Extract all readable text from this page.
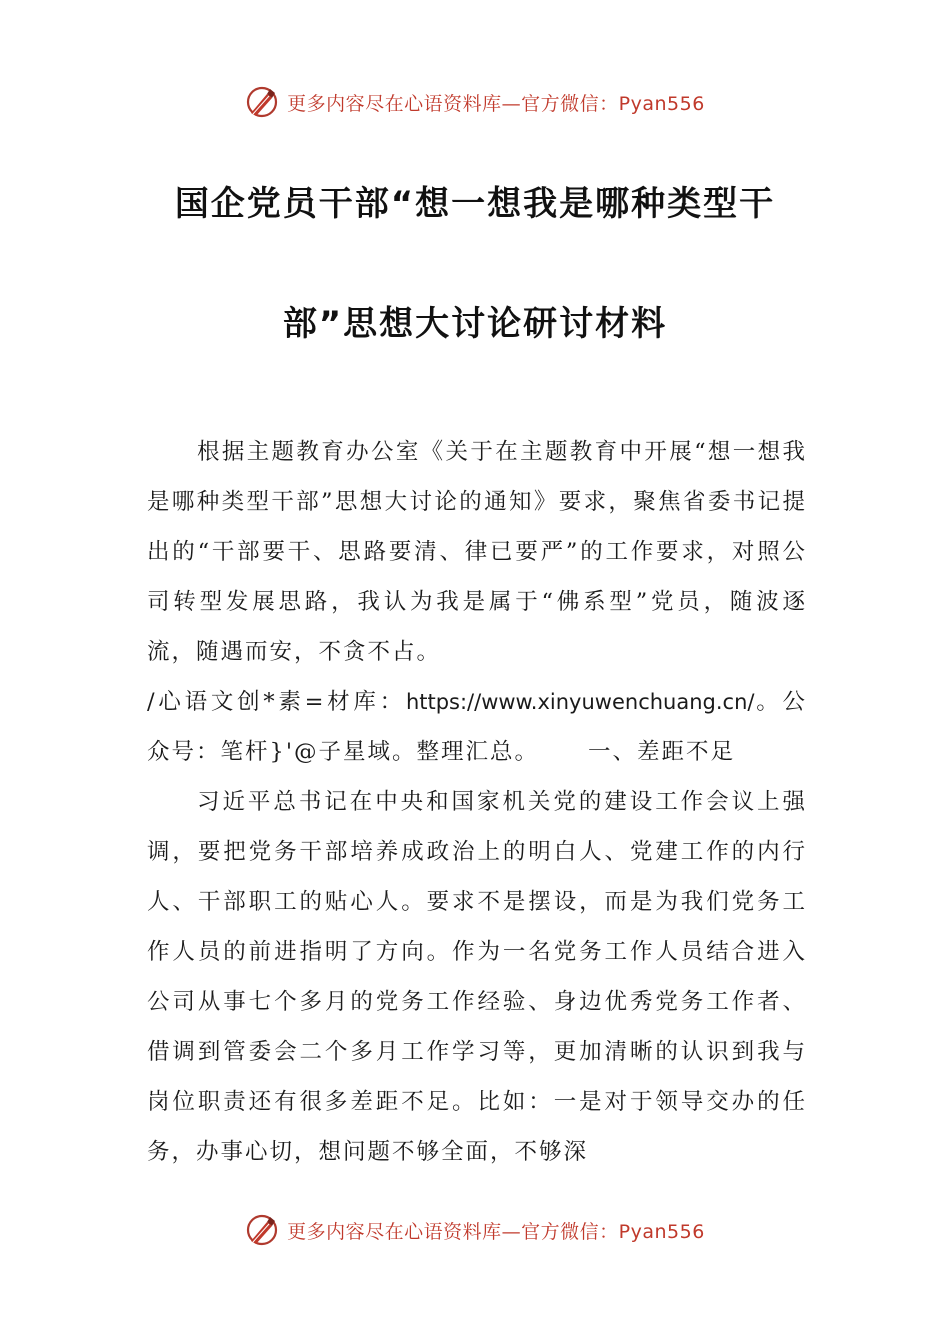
更多内容尽在心语资料库—官方微信：Pyan556
国企党员干部“想一想我是哪种类型干
部”思想大讨论研讨材料

根据主题教育办公室《关于在主题教育中开展“想一想我是哪种类型干部”思想大讨论的通知》要求，聚焦省委书记提出的“干部要干、思路要清、律已要严”的工作要求，对照公司转型发展思路，我认为我是属于“佛系型”党员，随波逐流，随遇而安，不贪不占。

/心语文创*素=材库：https://www.xinyuwenchuang.cn/。公众号：笔杆}'@子星域。整理汇总。   一、差距不足

习近平总书记在中央和国家机关党的建设工作会议上强调，要把党务干部培养成政治上的明白人、党建工作的内行人、干部职工的贴心人。要求不是摆设，而是为我们党务工作人员的前进指明了方向。作为一名党务工作人员结合进入公司从事七个多月的党务工作经验、身边优秀党务工作者、借调到管委会二个多月工作学习等，更加清晰的认识到我与岗位职责还有很多差距不足。比如：一是对于领导交办的任务，办事心切，想问题不够全面，不够深

更多内容尽在心语资料库—官方微信：Pyan556
